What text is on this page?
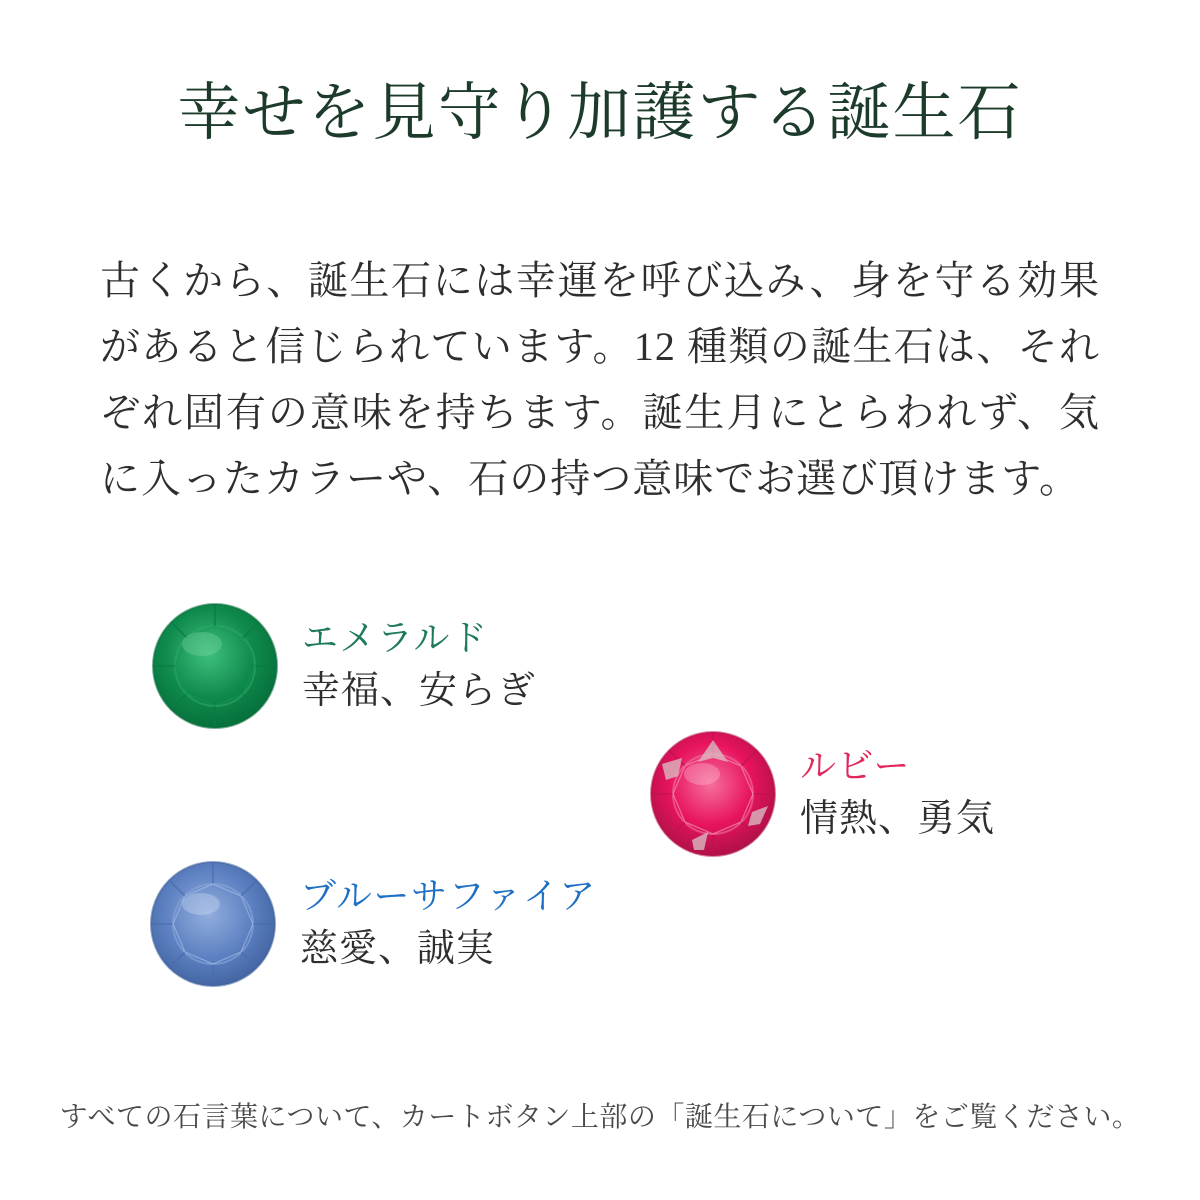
幸せを見守り加護する誕生石
古くから、誕生石には幸運を呼び込み、身を守る効果があると信じられています。12 種類の誕生石は、それぞれ固有の意味を持ちます。誕生月にとらわれず、気に入ったカラーや、石の持つ意味でお選び頂けます。
エメラルド
幸福、安らぎ
ルビー
情熱、勇気
ブルーサファイア
慈愛、誠実
すべての石言葉について、カートボタン上部の「誕生石について」をご覧ください。
